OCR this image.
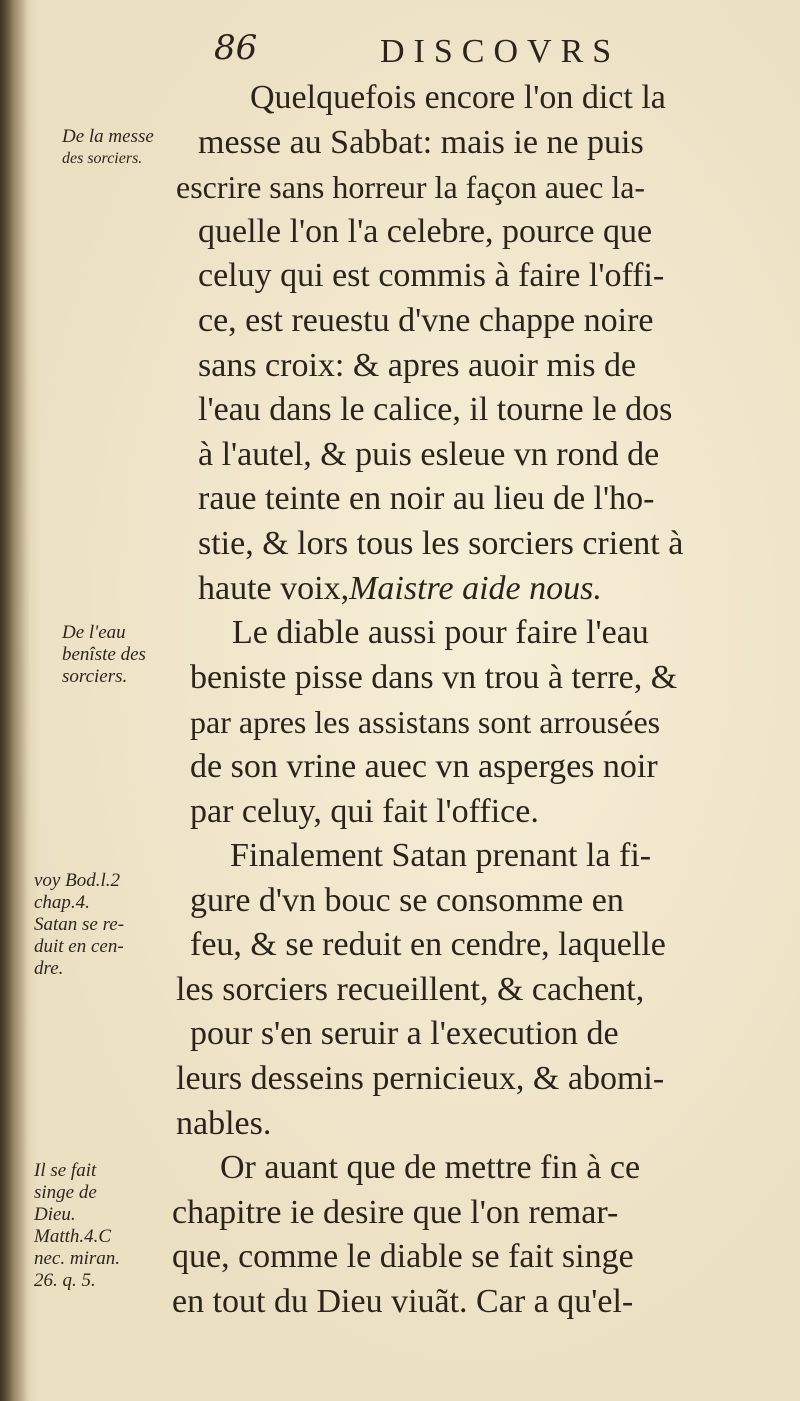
86	DISCOVRS
De la messe
des sorciers.
De l'eau
benîste des
sorciers.
voy Bod.l.2
chap.4.
Satan se re-
duit en cen-
dre.
Il se fait
singe de
Dieu.
Matth.4.C
nec. miran.
26. q. 5.
Quelquefois encore l'on dict la
messe au Sabbat: mais ie ne puis
escrire sans horreur la façon auec la-
quelle l'on l'a celebre, pource que
celuy qui est commis à faire l'offi-
ce, est reuestu d'vne chappe noire
sans croix: & apres auoir mis de
l'eau dans le calice, il tourne le dos
à l'autel, & puis esleue vn rond de
raue teinte en noir au lieu de l'ho-
stie, & lors tous les sorciers crient à
haute voix,Maistre aide nous.
Le diable aussi pour faire l'eau
beniste pisse dans vn trou à terre, &
par apres les assistans sont arrousées
de son vrine auec vn asperges noir
par celuy, qui fait l'office.
Finalement Satan prenant la fi-
gure d'vn bouc se consomme en
feu, & se reduit en cendre, laquelle
les sorciers recueillent, & cachent,
pour s'en seruir a l'execution de
leurs desseins pernicieux, & abomi-
nables.
Or auant que de mettre fin à ce
chapitre ie desire que l'on remar-
que, comme le diable se fait singe
en tout du Dieu viuãt. Car a qu'el-
